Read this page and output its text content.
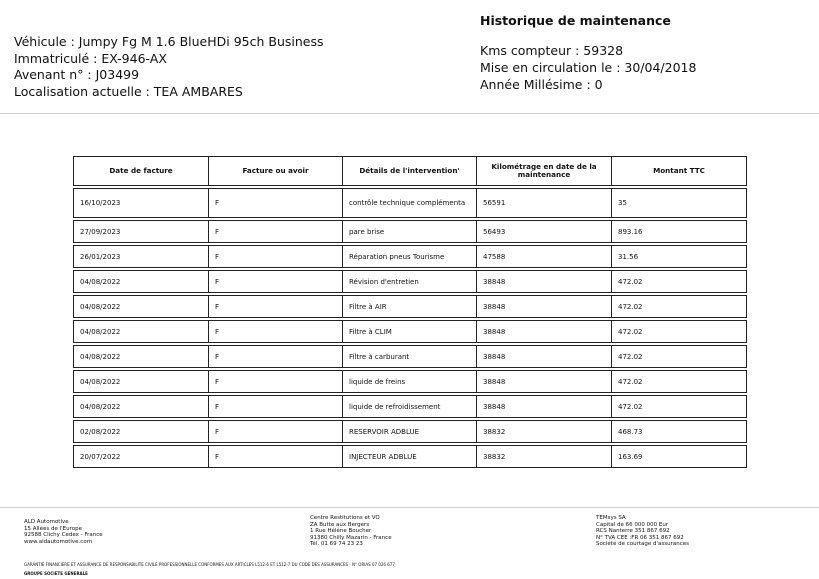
Véhicule : Jumpy Fg M 1.6 BlueHDi 95ch Business
Immatriculé : EX-946-AX
Avenant n° : J03499
Localisation actuelle : TEA AMBARES
Historique de maintenance
Kms compteur : 59328
Mise en circulation le : 30/04/2018
Année Millésime : 0
Date de facture	Facture ou avoir	Détails de l'intervention'	Kilométrage en date de la maintenance	Montant TTC

16/10/2023	F	contrôle technique complémenta	56591	35

27/09/2023	F	pare brise	56493	893.16

26/01/2023	F	Réparation pneus Tourisme	47588	31.56

04/08/2022	F	Révision d'entretien	38848	472.02

04/08/2022	F	Filtre à AIR	38848	472.02

04/08/2022	F	Filtre à CLIM	38848	472.02

04/08/2022	F	Filtre à carburant	38848	472.02

04/08/2022	F	liquide de freins	38848	472.02

04/08/2022	F	liquide de refroidissement	38848	472.02

02/08/2022	F	RESERVOIR ADBLUE	38832	468.73

20/07/2022	F	INJECTEUR ADBLUE	38832	163.69
ALD Automotive
15 Allées de l'Europe
92588 Clichy Cedex - France
www.aldautomotive.com
Centre Restitutions et VO
ZA Butte aux Bergers
1 Rue Hélène Boucher
91380 Chilly Mazarin - France
Tél. 01 69 74 23 23
TEMsys SA
Capital de 66 000 000 Eur
RCS Nanterre 351 867 692
N° TVA CEE :FR 06 351 867 692
Société de courtage d'assurances
GARANTIE FINANCIERE ET ASSURANCE DE RESPONSABILITE CIVILE PROFESSIONNELLE CONFORMES AUX ARTICLES L512-6 ET L512-7 DU CODE DES ASSURANCES - N° ORIAS 07 026 677
GROUPE SOCIETE GENERALE
